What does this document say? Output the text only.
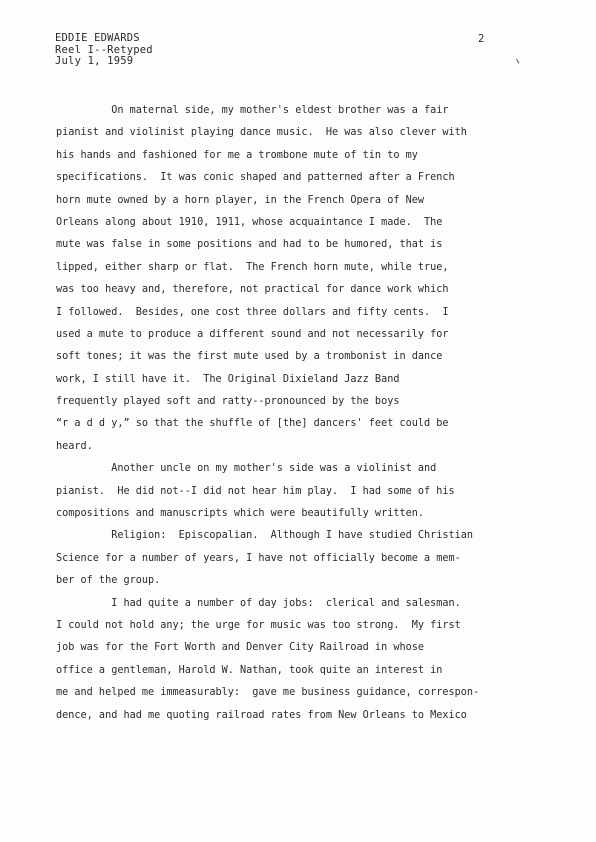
EDDIE EDWARDS
Reel I--Retyped
July 1, 1959
2
On maternal side, my mother's eldest brother was a fair
pianist and violinist playing dance music.  He was also clever with
his hands and fashioned for me a trombone mute of tin to my
specifications.  It was conic shaped and patterned after a French
horn mute owned by a horn player, in the French Opera of New
Orleans along about 1910, 1911, whose acquaintance I made.  The
mute was false in some positions and had to be humored, that is
lipped, either sharp or flat.  The French horn mute, while true,
was too heavy and, therefore, not practical for dance work which
I followed.  Besides, one cost three dollars and fifty cents.  I
used a mute to produce a different sound and not necessarily for
soft tones; it was the first mute used by a trombonist in dance
work, I still have it.  The Original Dixieland Jazz Band
frequently played soft and ratty--pronounced by the boys
“r a d d y,” so that the shuffle of [the] dancers' feet could be
heard.
Another uncle on my mother's side was a violinist and
pianist.  He did not--I did not hear him play.  I had some of his
compositions and manuscripts which were beautifully written.
Religion:  Episcopalian.  Although I have studied Christian
Science for a number of years, I have not officially become a mem-
ber of the group.
I had quite a number of day jobs:  clerical and salesman.
I could not hold any; the urge for music was too strong.  My first
job was for the Fort Worth and Denver City Railroad in whose
office a gentleman, Harold W. Nathan, took quite an interest in
me and helped me immeasurably:  gave me business guidance, correspon-
dence, and had me quoting railroad rates from New Orleans to Mexico
